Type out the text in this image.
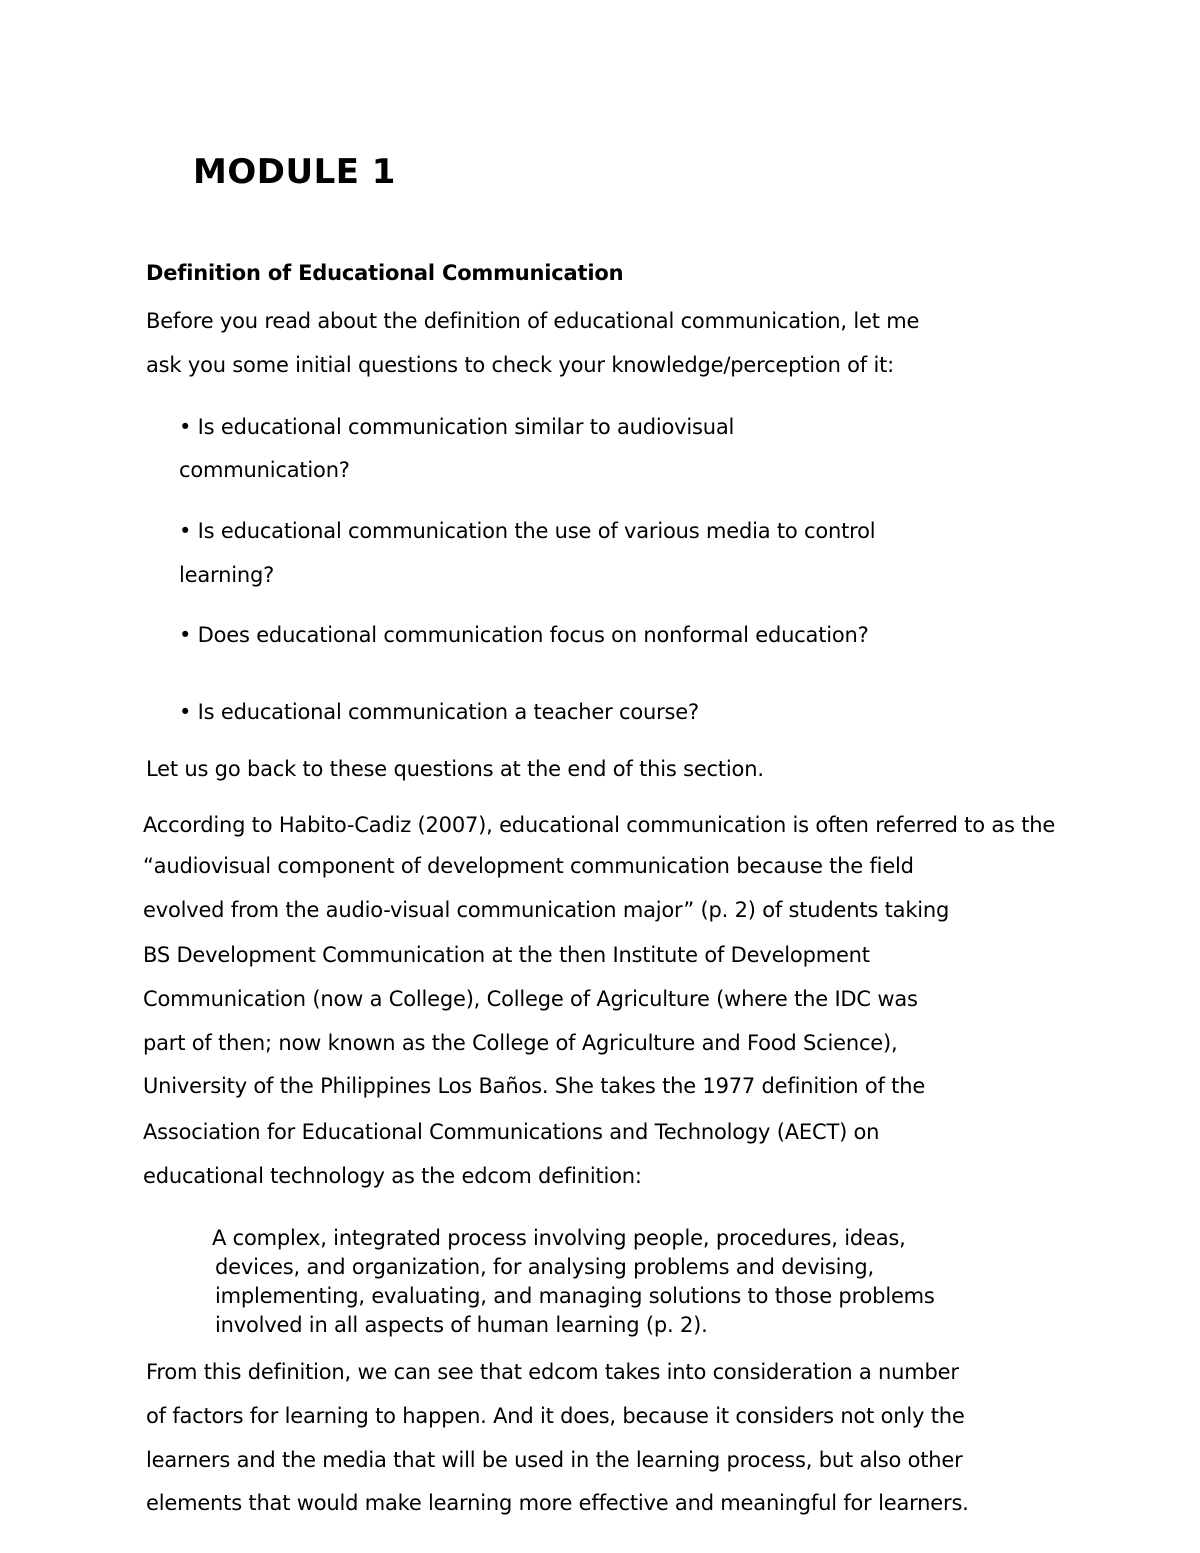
MODULE 1
Definition of Educational Communication
Before you read about the definition of educational communication, let me
ask you some initial questions to check your knowledge/perception of it:
• Is educational communication similar to audiovisual
communication?
• Is educational communication the use of various media to control
learning?
• Does educational communication focus on nonformal education?
• Is educational communication a teacher course?
Let us go back to these questions at the end of this section.
According to Habito-Cadiz (2007), educational communication is often referred to as the
“audiovisual component of development communication because the field
evolved from the audio-visual communication major” (p. 2) of students taking
BS Development Communication at the then Institute of Development
Communication (now a College), College of Agriculture (where the IDC was
part of then; now known as the College of Agriculture and Food Science),
University of the Philippines Los Baños. She takes the 1977 definition of the
Association for Educational Communications and Technology (AECT) on
educational technology as the edcom definition:
A complex, integrated process involving people, procedures, ideas,
devices, and organization, for analysing problems and devising,
implementing, evaluating, and managing solutions to those problems
involved in all aspects of human learning (p. 2).
From this definition, we can see that edcom takes into consideration a number
of factors for learning to happen. And it does, because it considers not only the
learners and the media that will be used in the learning process, but also other
elements that would make learning more effective and meaningful for learners.
